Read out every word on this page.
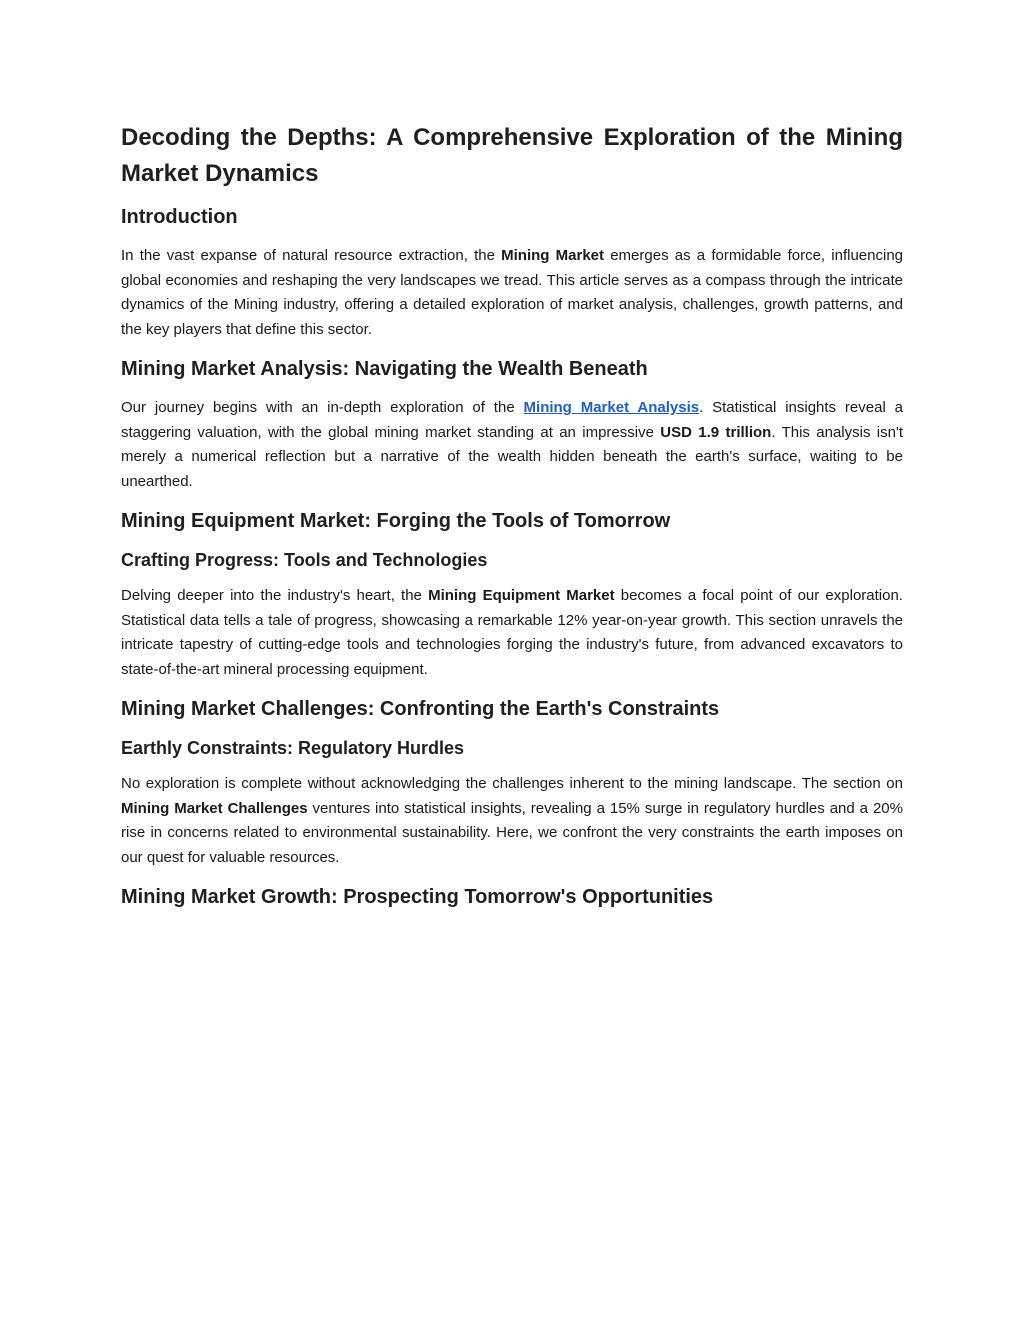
Decoding the Depths: A Comprehensive Exploration of the Mining Market Dynamics
Introduction

In the vast expanse of natural resource extraction, the Mining Market emerges as a formidable force, influencing global economies and reshaping the very landscapes we tread. This article serves as a compass through the intricate dynamics of the Mining industry, offering a detailed exploration of market analysis, challenges, growth patterns, and the key players that define this sector.

Mining Market Analysis: Navigating the Wealth Beneath

Our journey begins with an in-depth exploration of the Mining Market Analysis. Statistical insights reveal a staggering valuation, with the global mining market standing at an impressive USD 1.9 trillion. This analysis isn't merely a numerical reflection but a narrative of the wealth hidden beneath the earth's surface, waiting to be unearthed.

Mining Equipment Market: Forging the Tools of Tomorrow
Crafting Progress: Tools and Technologies

Delving deeper into the industry's heart, the Mining Equipment Market becomes a focal point of our exploration. Statistical data tells a tale of progress, showcasing a remarkable 12% year-on-year growth. This section unravels the intricate tapestry of cutting-edge tools and technologies forging the industry's future, from advanced excavators to state-of-the-art mineral processing equipment.

Mining Market Challenges: Confronting the Earth's Constraints
Earthly Constraints: Regulatory Hurdles

No exploration is complete without acknowledging the challenges inherent to the mining landscape. The section on Mining Market Challenges ventures into statistical insights, revealing a 15% surge in regulatory hurdles and a 20% rise in concerns related to environmental sustainability. Here, we confront the very constraints the earth imposes on our quest for valuable resources.

Mining Market Growth: Prospecting Tomorrow's Opportunities
